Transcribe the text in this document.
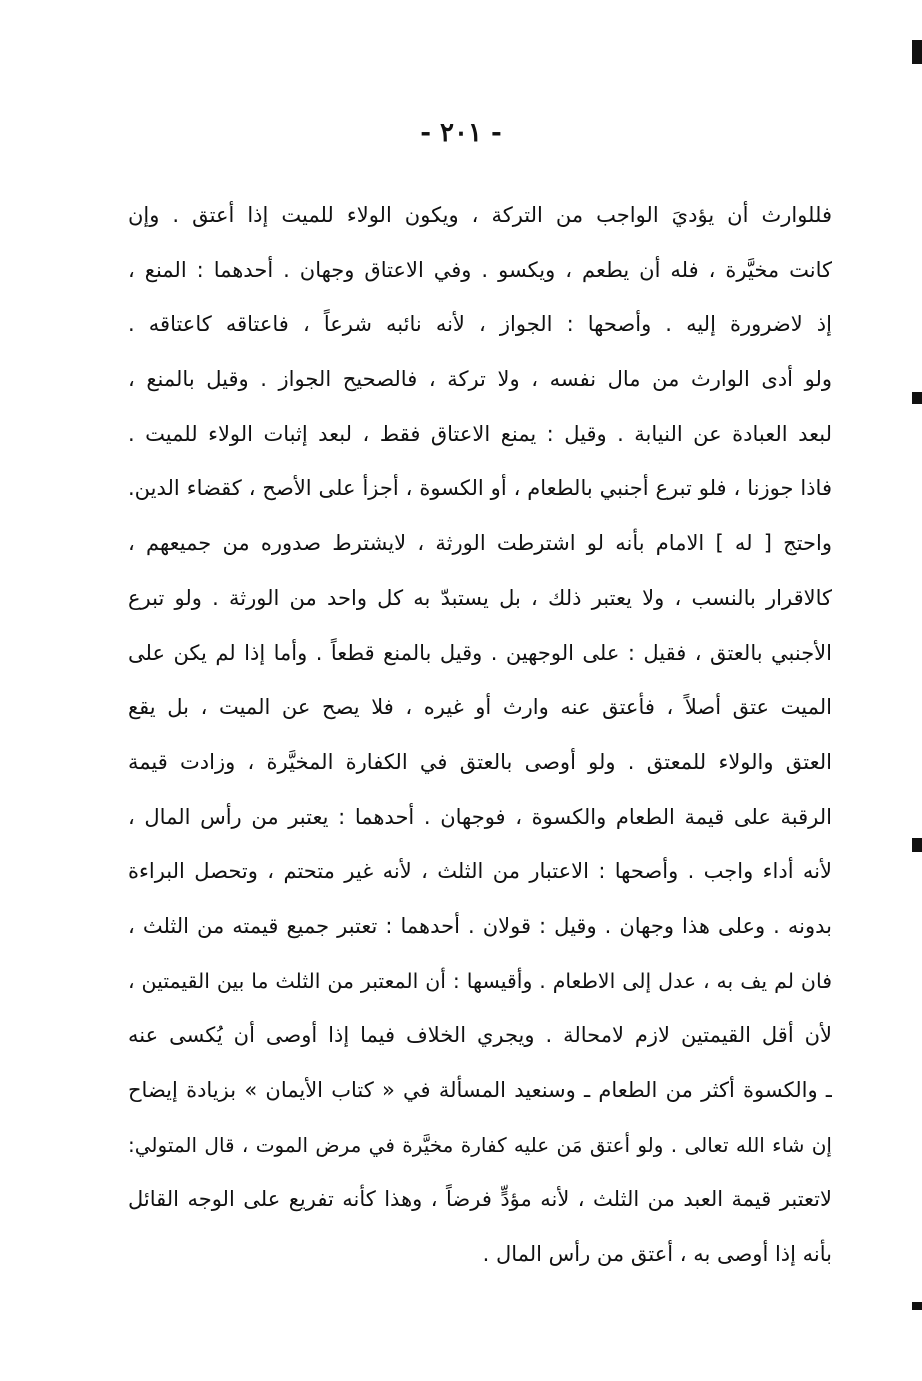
- ٢٠١ -
فللوارث أن يؤديَ الواجب من التركة ، ويكون الولاء للميت إذا أعتق . وإن
كانت مخيَّرة ، فله أن يطعم ، ويكسو . وفي الاعتاق وجهان . أحدهما : المنع ،
إذ لاضرورة إليه . وأصحها : الجواز ، لأنه نائبه شرعاً ، فاعتاقه كاعتاقه .
ولو أدى الوارث من مال نفسه ، ولا تركة ، فالصحيح الجواز . وقيل بالمنع ،
لبعد العبادة عن النيابة . وقيل : يمنع الاعتاق فقط ، لبعد إثبات الولاء للميت .
فاذا جوزنا ، فلو تبرع أجنبي بالطعام ، أو الكسوة ، أجزأ على الأصح ، كقضاء الدين.
واحتج [ له ] الامام بأنه لو اشترطت الورثة ، لايشترط صدوره من جميعهم ،
كالاقرار بالنسب ، ولا يعتبر ذلك ، بل يستبدّ به كل واحد من الورثة . ولو تبرع
الأجنبي بالعتق ، فقيل : على الوجهين . وقيل بالمنع قطعاً . وأما إذا لم يكن على
الميت عتق أصلاً ، فأعتق عنه وارث أو غيره ، فلا يصح عن الميت ، بل يقع
العتق والولاء للمعتق . ولو أوصى بالعتق في الكفارة المخيَّرة ، وزادت قيمة
الرقبة على قيمة الطعام والكسوة ، فوجهان . أحدهما : يعتبر من رأس المال ،
لأنه أداء واجب . وأصحها : الاعتبار من الثلث ، لأنه غير متحتم ، وتحصل البراءة
بدونه . وعلى هذا وجهان . وقيل : قولان . أحدهما : تعتبر جميع قيمته من الثلث ،
فان لم يف به ، عدل إلى الاطعام . وأقيسها : أن المعتبر من الثلث ما بين القيمتين ،
لأن أقل القيمتين لازم لامحالة . ويجري الخلاف فيما إذا أوصى أن يُكسى عنه
ـ والكسوة أكثر من الطعام ـ وسنعيد المسألة في « كتاب الأيمان » بزيادة إيضاح
إن شاء الله تعالى . ولو أعتق مَن عليه كفارة مخيَّرة في مرض الموت ، قال المتولي:
لاتعتبر قيمة العبد من الثلث ، لأنه مؤدٍّ فرضاً ، وهذا كأنه تفريع على الوجه القائل
بأنه إذا أوصى به ، أعتق من رأس المال .
